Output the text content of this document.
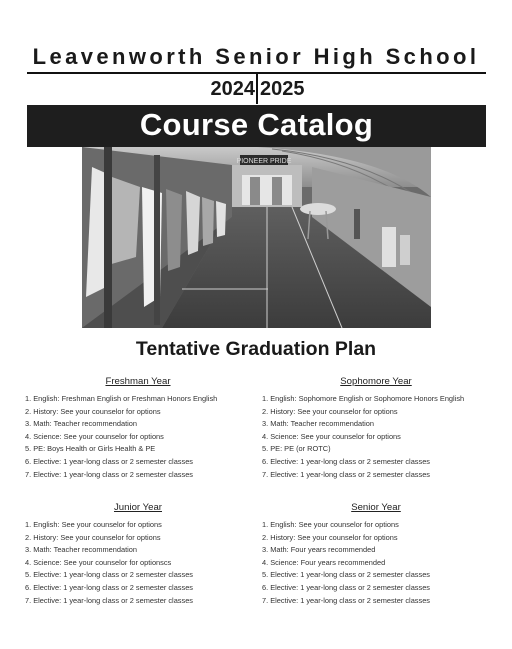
Leavenworth Senior High School
2024 2025
Course Catalog
PIONEER PRIDE
Tentative Graduation Plan
Freshman Year
1. English: Freshman English or Freshman Honors English
2. History: See your counselor for options
3. Math: Teacher recommendation
4. Science: See your counselor for options
5. PE: Boys Health or Girls Health & PE
6. Elective: 1 year-long class or 2 semester classes
7. Elective: 1 year-long class or 2 semester classes
Sophomore Year
1. English: Sophomore English or Sophomore Honors English
2. History: See your counselor for options
3. Math: Teacher recommendation
4. Science: See your counselor for options
5. PE: PE (or ROTC)
6. Elective: 1 year-long class or 2 semester classes
7. Elective: 1 year-long class or 2 semester classes
Junior Year
1. English: See your counselor for options
2. History: See your counselor for options
3. Math: Teacher recommendation
4. Science: See your counselor for optionscs
5. Elective: 1 year-long class or 2 semester classes
6. Elective: 1 year-long class or 2 semester classes
7. Elective: 1 year-long class or 2 semester classes
Senior Year
1. English: See your counselor for options
2. History: See your counselor for options
3. Math: Four years recommended
4. Science: Four years recommended
5. Elective: 1 year-long class or 2 semester classes
6. Elective: 1 year-long class or 2 semester classes
7. Elective: 1 year-long class or 2 semester classes
